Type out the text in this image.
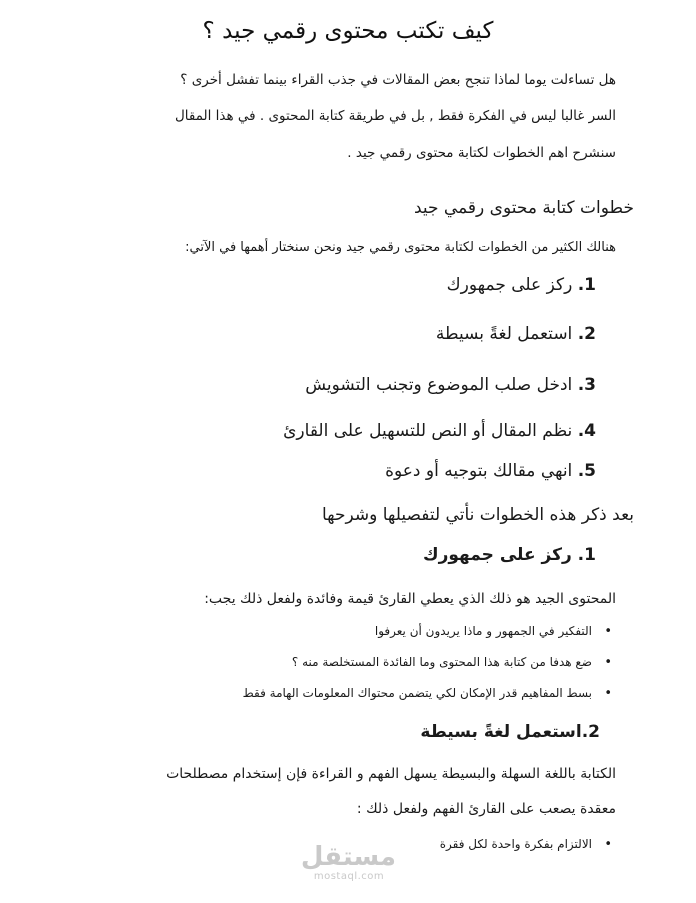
كيف تكتب محتوى رقمي جيد ؟

هل تساءلت يوما لماذا تنجح بعض المقالات في جذب القراء بينما تفشل أخرى ؟

السر غالبا ليس في الفكرة فقط , بل في طريقة كتابة المحتوى . في هذا المقال

سنشرح اهم الخطوات لكتابة محتوى رقمي جيد .

خطوات كتابة محتوى رقمي جيد

هنالك الكثير من الخطوات لكتابة محتوى رقمي جيد ونحن سنختار أهمها في الآتي:

1. ركز على جمهورك
2. استعمل لغةً بسيطة
3. ادخل صلب الموضوع وتجنب التشويش
4. نظم المقال أو النص للتسهيل على القارئ
5. انهي مقالك بتوجيه أو دعوة

بعد ذكر هذه الخطوات نأتي لتفصيلها وشرحها

1. ركز على جمهورك

المحتوى الجيد هو ذلك الذي يعطي القارئ قيمة وفائدة ولفعل ذلك يجب:

• التفكير في الجمهور و ماذا يريدون أن يعرفوا
• ضع هدفا من كتابة هذا المحتوى وما الفائدة المستخلصة منه ؟
• بسط المفاهيم قدر الإمكان لكي يتضمن محتواك المعلومات الهامة فقط
2.استعمل لغةً بسيطة

الكتابة باللغة السهلة والبسيطة يسهل الفهم و القراءة فإن إستخدام مصطلحات

معقدة يصعب على القارئ الفهم ولفعل ذلك :

• الالتزام بفكرة واحدة لكل فقرة
مستقل
mostaql.com
